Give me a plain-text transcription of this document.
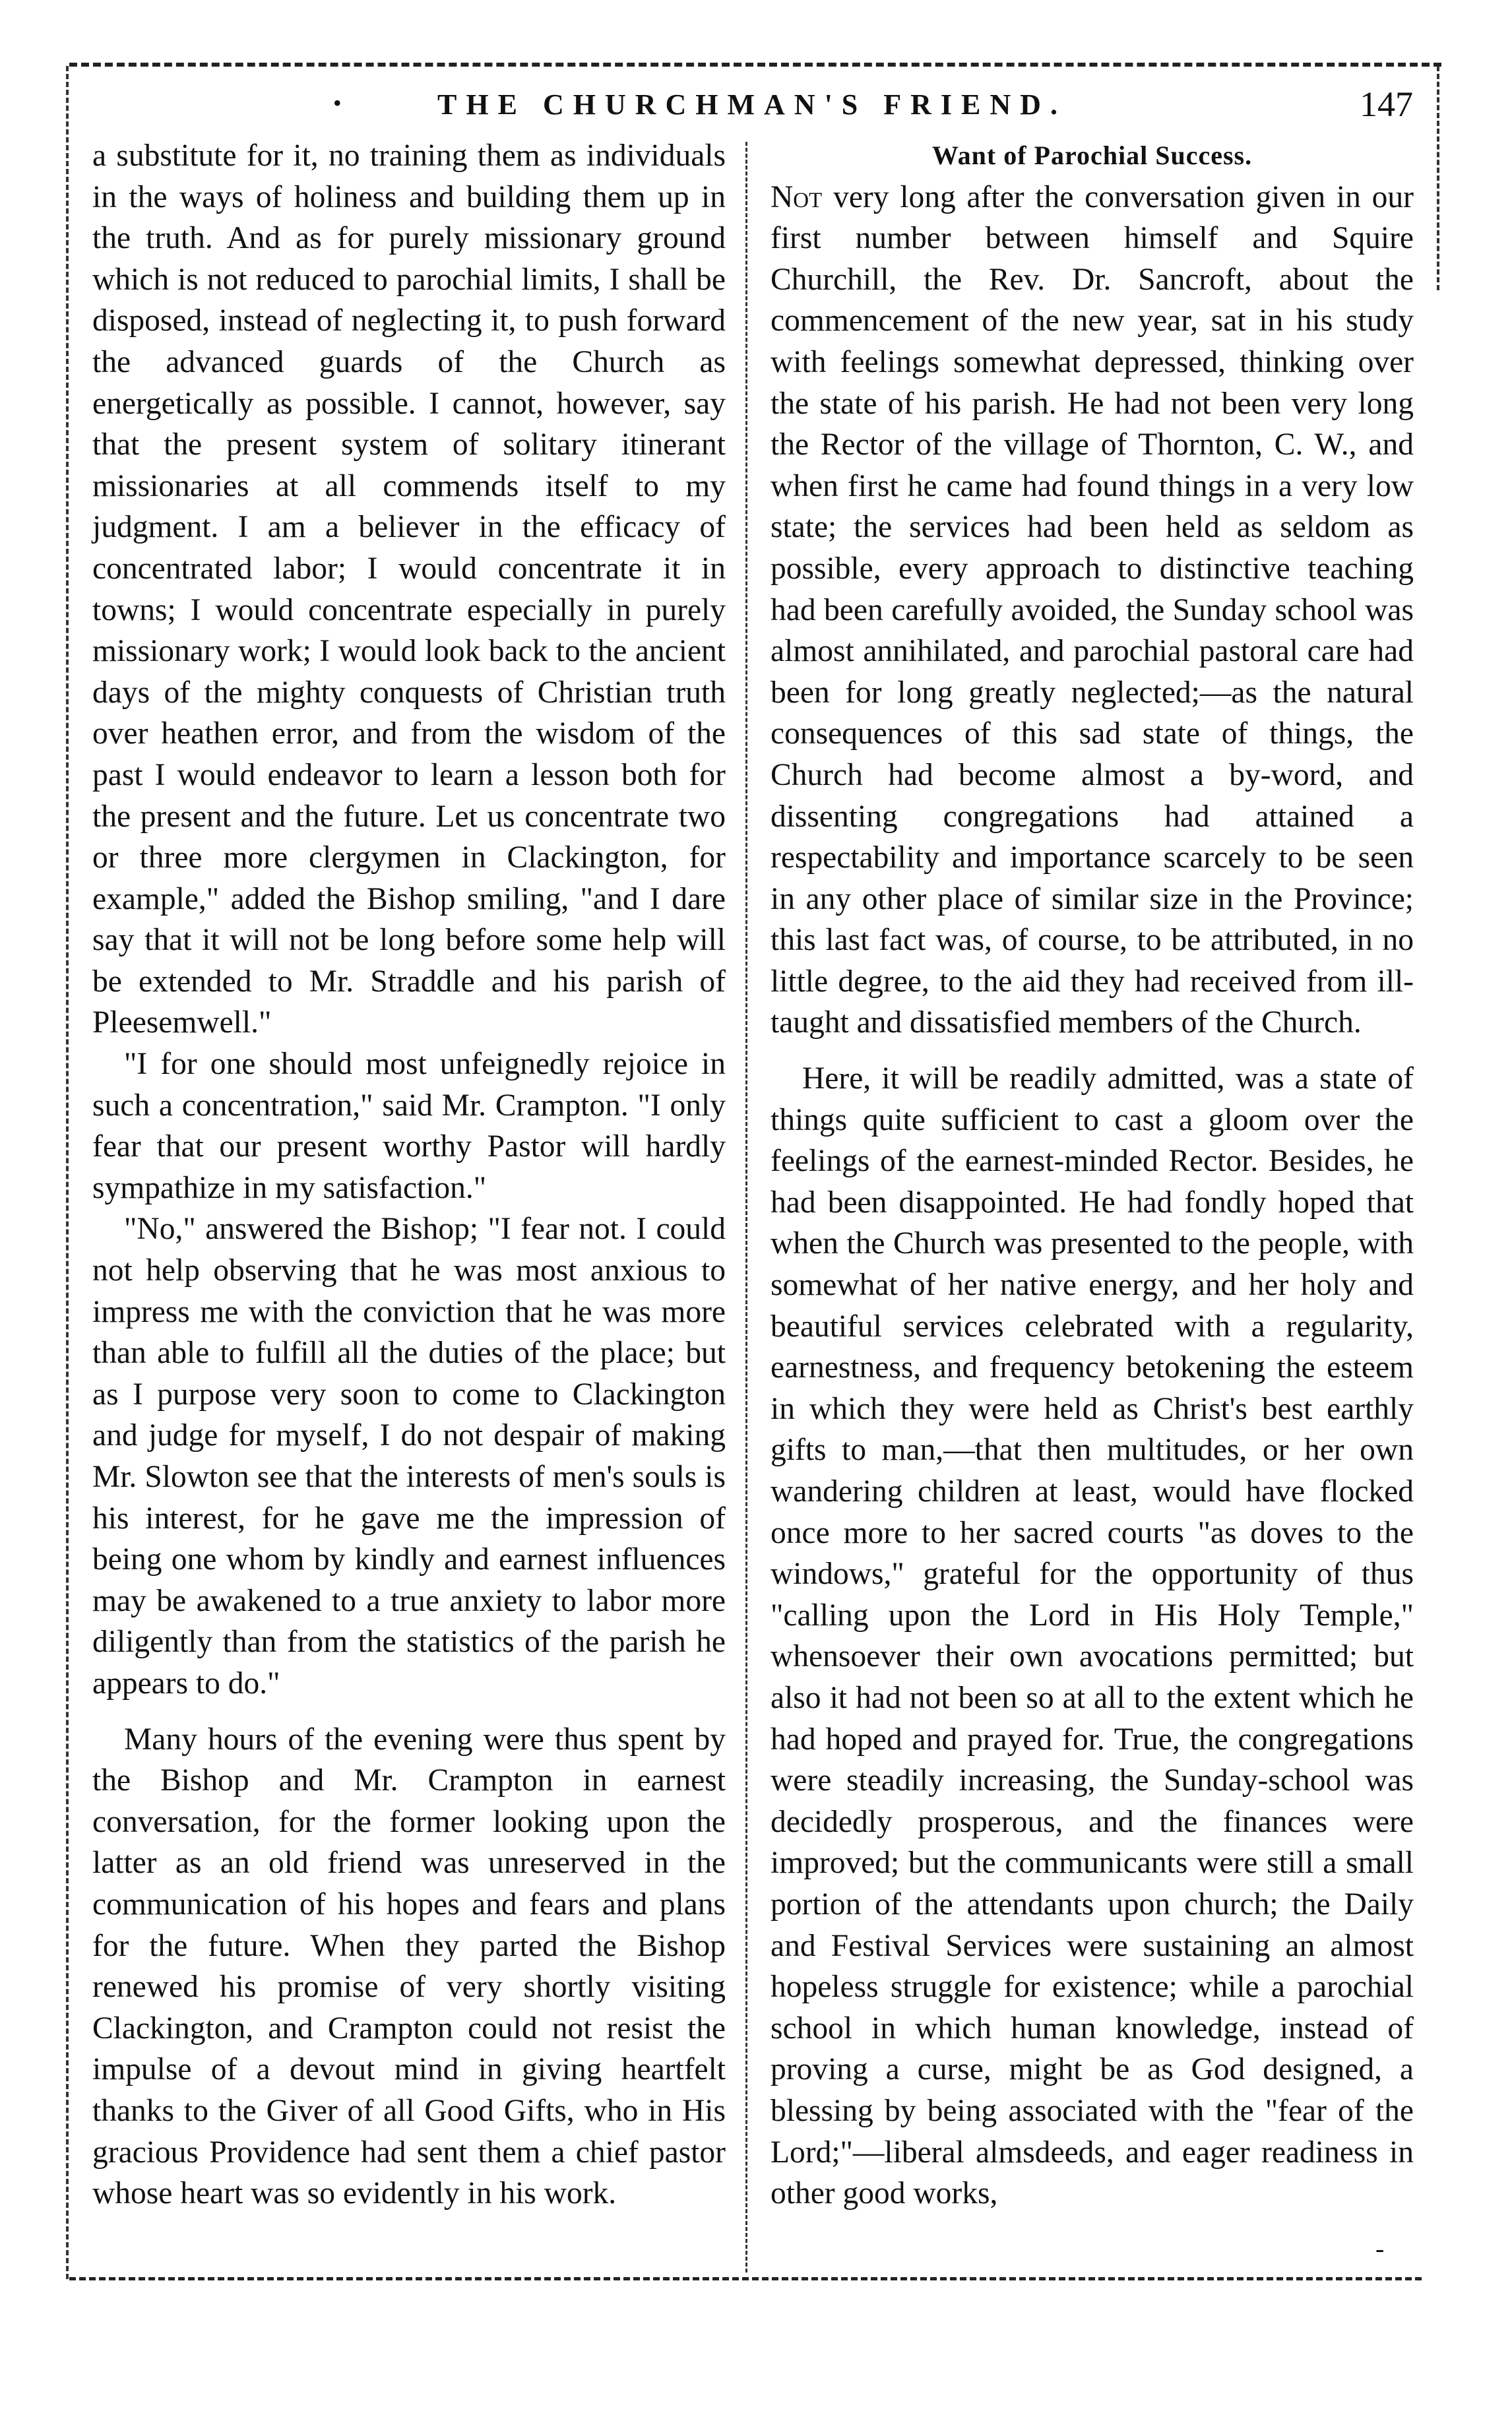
•	THE CHURCHMAN'S FRIEND.	147

a substitute for it, no training them as individuals in the ways of holiness and building them up in the truth. And as for purely missionary ground which is not reduced to parochial limits, I shall be disposed, instead of neglecting it, to push forward the advanced guards of the Church as energetically as possible. I cannot, however, say that the present system of solitary itinerant missionaries at all commends itself to my judgment. I am a believer in the efficacy of concentrated labor; I would concentrate it in towns; I would concentrate especially in purely missionary work; I would look back to the ancient days of the mighty conquests of Christian truth over heathen error, and from the wisdom of the past I would endeavor to learn a lesson both for the present and the future. Let us concentrate two or three more clergymen in Clackington, for example," added the Bishop smiling, "and I dare say that it will not be long before some help will be extended to Mr. Straddle and his parish of Pleesemwell."

"I for one should most unfeignedly rejoice in such a concentration," said Mr. Crampton. "I only fear that our present worthy Pastor will hardly sympathize in my satisfaction."

"No," answered the Bishop; "I fear not. I could not help observing that he was most anxious to impress me with the conviction that he was more than able to fulfill all the duties of the place; but as I purpose very soon to come to Clackington and judge for myself, I do not despair of making Mr. Slowton see that the interests of men's souls is his interest, for he gave me the impression of being one whom by kindly and earnest influences may be awakened to a true anxiety to labor more diligently than from the statistics of the parish he appears to do."

Many hours of the evening were thus spent by the Bishop and Mr. Crampton in earnest conversation, for the former looking upon the latter as an old friend was unreserved in the communication of his hopes and fears and plans for the future. When they parted the Bishop renewed his promise of very shortly visiting Clackington, and Crampton could not resist the impulse of a devout mind in giving heartfelt thanks to the Giver of all Good Gifts, who in His gracious Providence had sent them a chief pastor whose heart was so evidently in his work.

Want of Parochial Success.

Not very long after the conversation given in our first number between himself and Squire Churchill, the Rev. Dr. Sancroft, about the commencement of the new year, sat in his study with feelings somewhat depressed, thinking over the state of his parish. He had not been very long the Rector of the village of Thornton, C. W., and when first he came had found things in a very low state; the services had been held as seldom as possible, every approach to distinctive teaching had been carefully avoided, the Sunday school was almost annihilated, and parochial pastoral care had been for long greatly neglected;—as the natural consequences of this sad state of things, the Church had become almost a by-word, and dissenting congregations had attained a respectability and importance scarcely to be seen in any other place of similar size in the Province; this last fact was, of course, to be attributed, in no little degree, to the aid they had received from ill-taught and dissatisfied members of the Church.

Here, it will be readily admitted, was a state of things quite sufficient to cast a gloom over the feelings of the earnest-minded Rector. Besides, he had been disappointed. He had fondly hoped that when the Church was presented to the people, with somewhat of her native energy, and her holy and beautiful services celebrated with a regularity, earnestness, and frequency betokening the esteem in which they were held as Christ's best earthly gifts to man,—that then multitudes, or her own wandering children at least, would have flocked once more to her sacred courts "as doves to the windows," grateful for the opportunity of thus "calling upon the Lord in His Holy Temple," whensoever their own avocations permitted; but also it had not been so at all to the extent which he had hoped and prayed for. True, the congregations were steadily increasing, the Sunday-school was decidedly prosperous, and the finances were improved; but the communicants were still a small portion of the attendants upon church; the Daily and Festival Services were sustaining an almost hopeless struggle for existence; while a parochial school in which human knowledge, instead of proving a curse, might be as God designed, a blessing by being associated with the "fear of the Lord;"—liberal almsdeeds, and eager readiness in other good works,

-
